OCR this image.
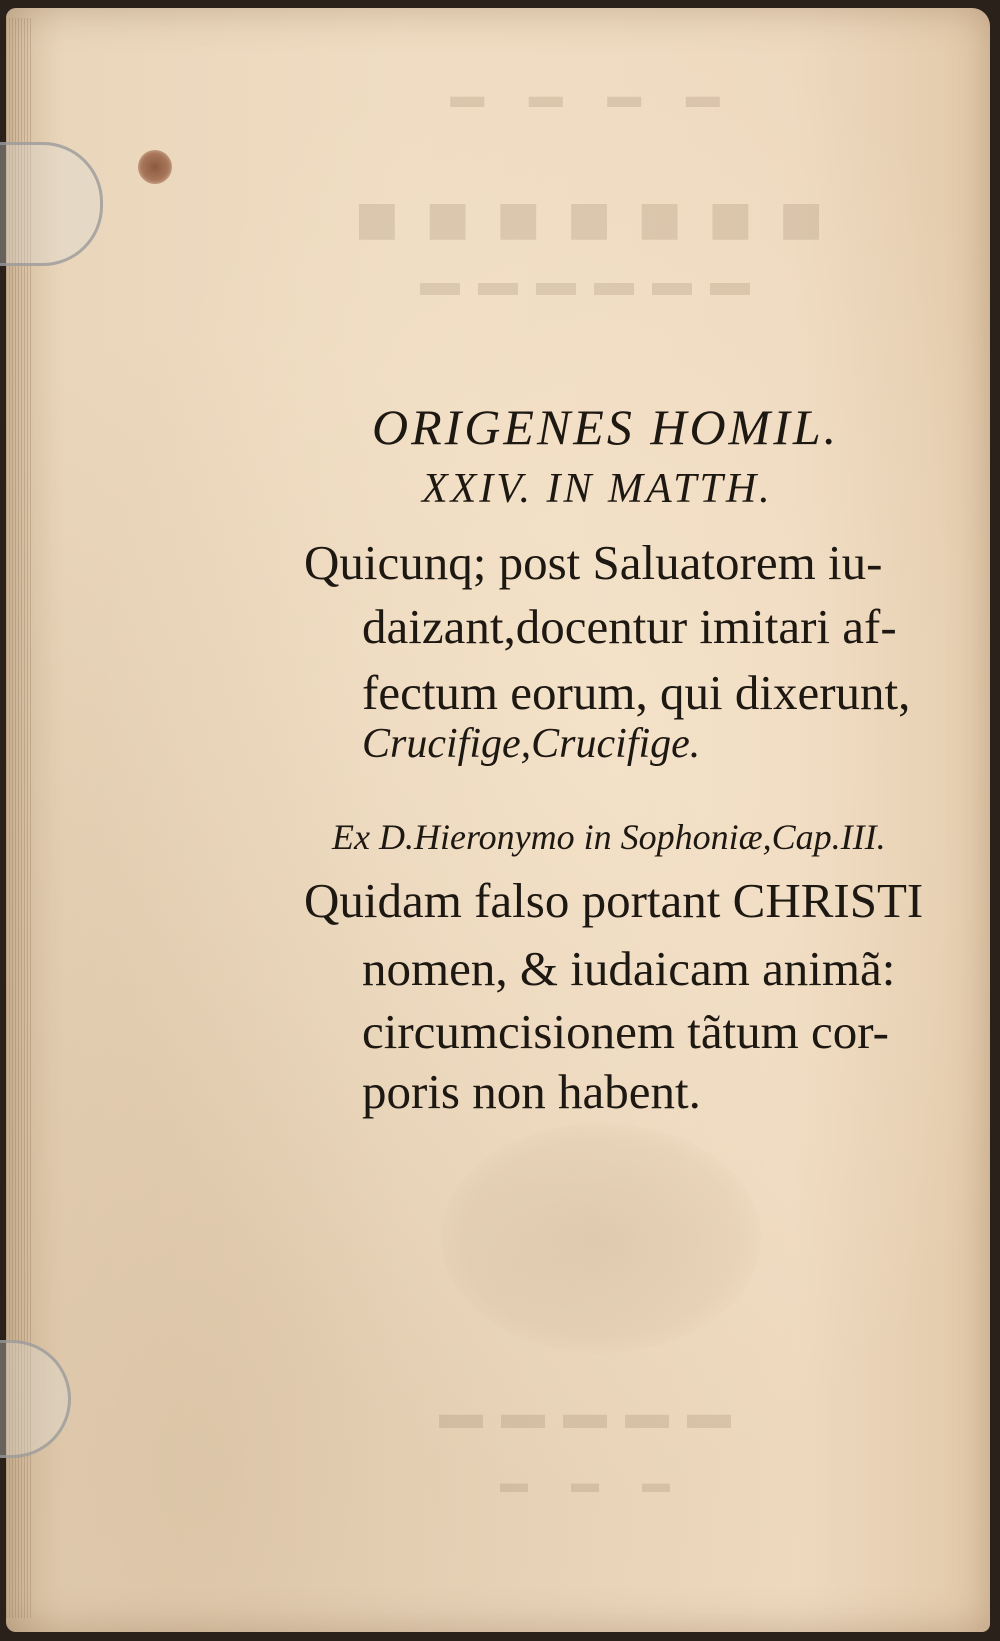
▬ ▬ ▬ ▬
■■■■■■■
▬▬▬▬▬▬
▬▬▬▬▬
▬ ▬ ▬
ORIGENES HOMIL.
XXIV. IN MATTH.
Quicunq; post Saluatorem iu-
daizant,docentur imitari af-
fectum eorum, qui dixerunt,
Crucifige,Crucifige.
Ex D.Hieronymo in Sophoniæ,Cap.III.
Quidam falso portant CHRISTI
nomen, & iudaicam animã:
circumcisionem tãtum cor-
poris non habent.
